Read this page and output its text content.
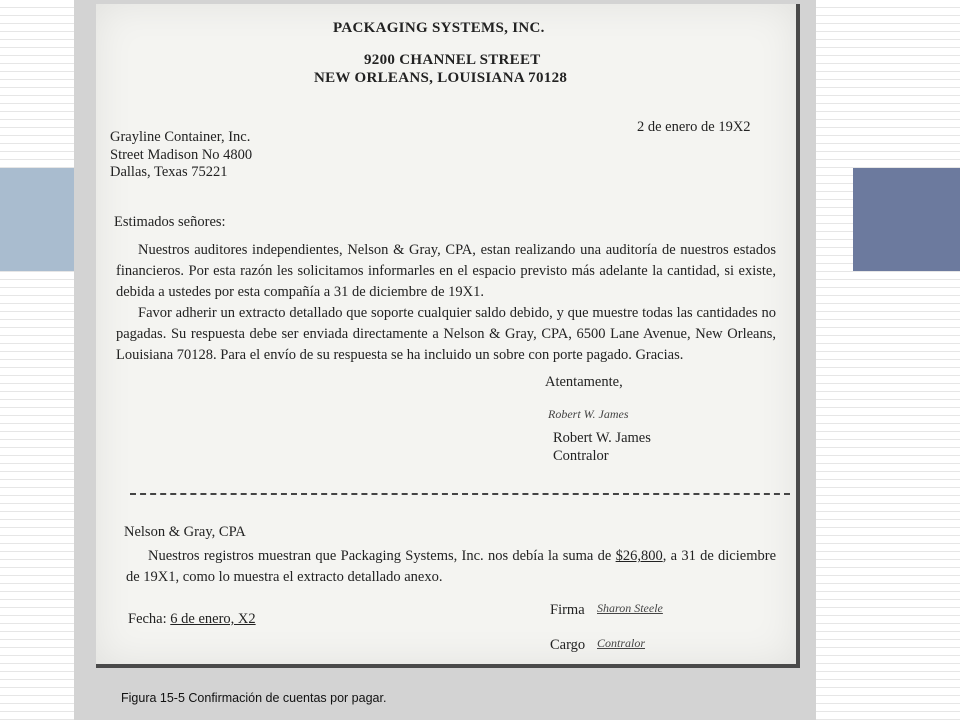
PACKAGING SYSTEMS, INC.
9200 CHANNEL STREET
NEW ORLEANS, LOUISIANA 70128
2 de enero de 19X2
Grayline Container, Inc.
Street Madison No 4800
Dallas, Texas 75221
Estimados señores:

Nuestros auditores independientes, Nelson & Gray, CPA, estan realizando una auditoría de nuestros estados financieros. Por esta razón les solicitamos informarles en el espacio previsto más adelante la cantidad, si existe, debida a ustedes por esta compañía a 31 de diciembre de 19X1.

Favor adherir un extracto detallado que soporte cualquier saldo debido, y que muestre todas las cantidades no pagadas. Su respuesta debe ser enviada directamente a Nelson & Gray, CPA, 6500 Lane Avenue, New Orleans, Louisiana 70128. Para el envío de su respuesta se ha incluido un sobre con porte pagado. Gracias.

Atentamente,
Robert W. James
Robert W. James
Contralor
Nelson & Gray, CPA
Nuestros registros muestran que Packaging Systems, Inc. nos debía la suma de $26,800, a 31 de diciembre de 19X1, como lo muestra el extracto detallado anexo.
Fecha: 6 de enero, X2
Firma Sharon Steele
Cargo Contralor
Figura 15-5 Confirmación de cuentas por pagar.
